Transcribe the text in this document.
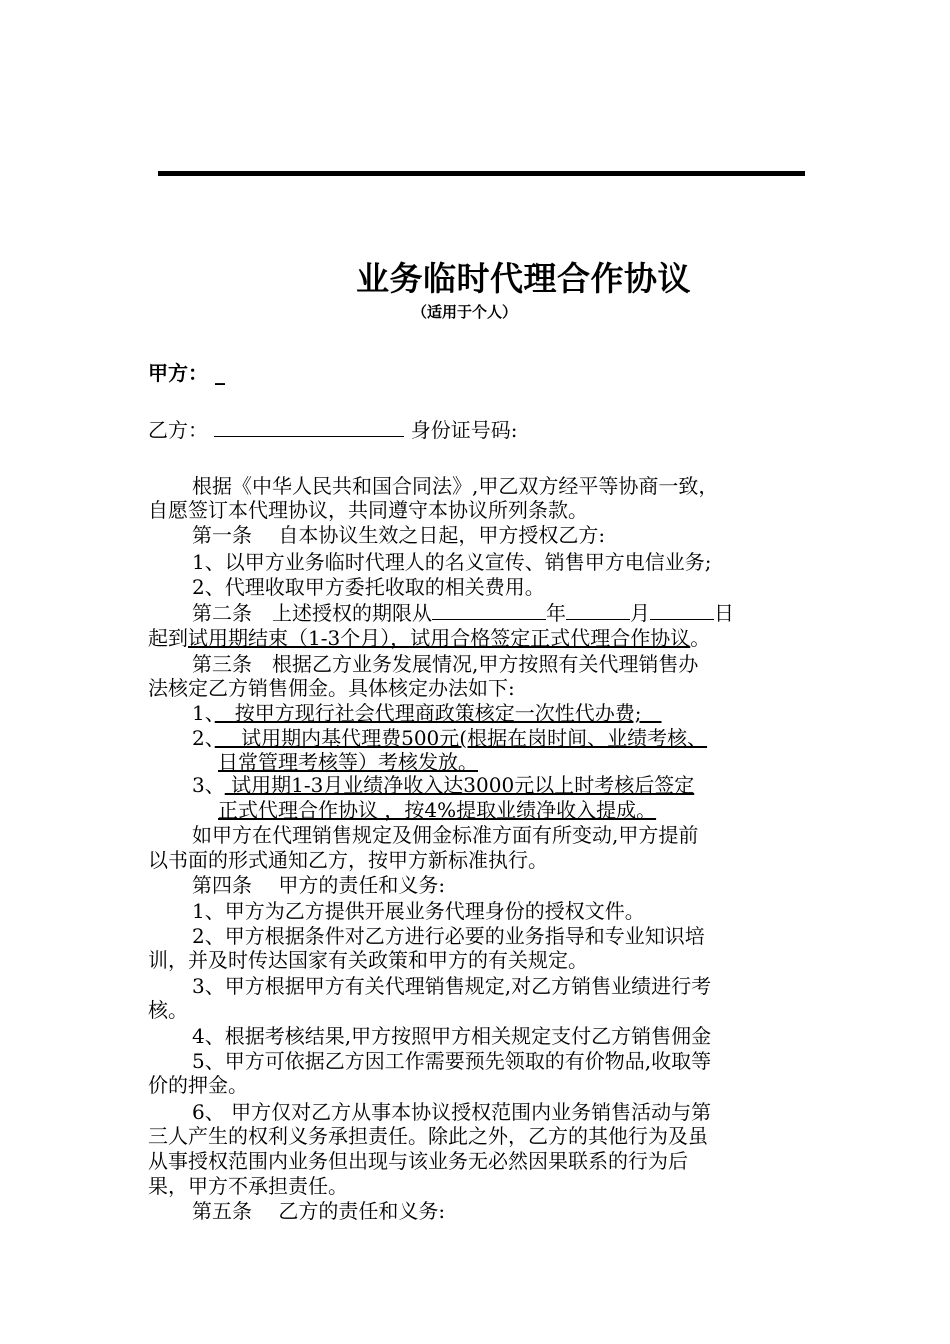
业务临时代理合作协议
（适用于个人）
甲方： _
乙方：	身份证号码:
根据《中华人民共和国合同法》,甲乙双方经平等协商一致，
自愿签订本代理协议，共同遵守本协议所列条款。
第一条　 自本协议生效之日起，甲方授权乙方:
1、以甲方业务临时代理人的名义宣传、销售甲方电信业务;
2、代理收取甲方委托收取的相关费用。
第二条　上述授权的期限从	年	月	日
起到试用期结束（1-3个月），试用合格签定正式代理合作协议。
第三条　根据乙方业务发展情况,甲方按照有关代理销售办
法核定乙方销售佣金。具体核定办法如下:
1、　按甲方现行社会代理商政策核定一次性代办费;　
2、　 试用期内基代理费500元(根据在岗时间、业绩考核、
日常管理考核等）考核发放。
3、 试用期1-3月业绩净收入达3000元以上时考核后签定
正式代理合作协议 ，按4%提取业绩净收入提成。
如甲方在代理销售规定及佣金标准方面有所变动,甲方提前
以书面的形式通知乙方，按甲方新标准执行。
第四条　 甲方的责任和义务:
1、甲方为乙方提供开展业务代理身份的授权文件。
2、甲方根据条件对乙方进行必要的业务指导和专业知识培
训，并及时传达国家有关政策和甲方的有关规定。
3、甲方根据甲方有关代理销售规定,对乙方销售业绩进行考
核。
4、根据考核结果,甲方按照甲方相关规定支付乙方销售佣金
5、甲方可依据乙方因工作需要预先领取的有价物品,收取等
价的押金。
6、 甲方仅对乙方从事本协议授权范围内业务销售活动与第
三人产生的权利义务承担责任。除此之外，乙方的其他行为及虽
从事授权范围内业务但出现与该业务无必然因果联系的行为后
果，甲方不承担责任。
第五条　 乙方的责任和义务:
